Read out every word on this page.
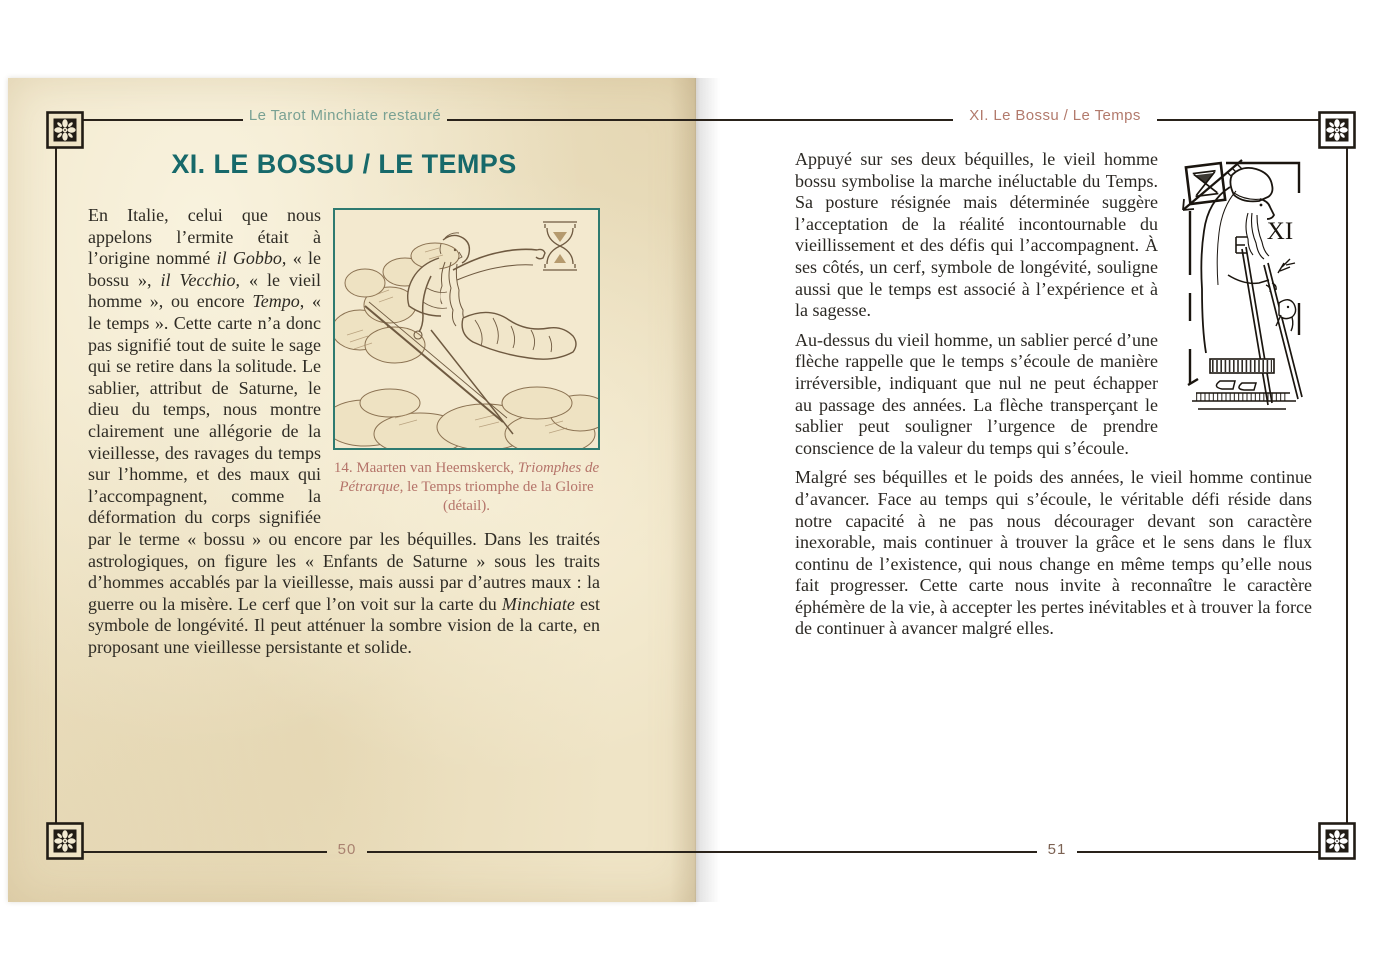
Le Tarot Minchiate restauré	XI. Le Bossu / Le Temps
50	51
XI. LE BOSSU / LE TEMPS
14. Maarten van Heemskerck, Triomphes de Pétrarque, le Temps triomphe de la Gloire (détail).

En Italie, celui que nous appelons l’ermite était à l’origine nommé il Gobbo, « le bossu », il Vecchio, « le vieil homme », ou encore Tempo, « le temps ». Cette carte n’a donc pas signifié tout de suite le sage qui se retire dans la solitude. Le sablier, attribut de Saturne, le dieu du temps, nous montre clairement une allégorie de la vieillesse, des ravages du temps sur l’homme, et des maux qui l’accompagnent, comme la déformation du corps signifiée par le terme « bossu » ou encore par les béquilles. Dans les traités astrologiques, on figure les « Enfants de Saturne » sous les traits d’hommes accablés par la vieillesse, mais aussi par d’autres maux : la guerre ou la misère. Le cerf que l’on voit sur la carte du Minchiate est symbole de longévité. Il peut atténuer la sombre vision de la carte, en proposant une vieillesse persistante et solide.

XI

Appuyé sur ses deux béquilles, le vieil homme bossu symbolise la marche inéluctable du Temps. Sa posture résignée mais déterminée suggère l’acceptation de la réalité incontournable du vieillissement et des défis qui l’accompagnent. À ses côtés, un cerf, symbole de longévité, souligne aussi que le temps est associé à l’expérience et à la sagesse.

Au-dessus du vieil homme, un sablier percé d’une flèche rappelle que le temps s’écoule de manière irréversible, indiquant que nul ne peut échapper au passage des années. La flèche transperçant le sablier peut souligner l’urgence de prendre conscience de la valeur du temps qui s’écoule.

Malgré ses béquilles et le poids des années, le vieil homme continue d’avancer. Face au temps qui s’écoule, le véritable défi réside dans notre capacité à ne pas nous décourager devant son caractère inexorable, mais continuer à trouver la grâce et le sens dans le flux continu de l’existence, qui nous change en même temps qu’elle nous fait progresser. Cette carte nous invite à reconnaître le caractère éphémère de la vie, à accepter les pertes inévitables et à trouver la force de continuer à avancer malgré elles.
